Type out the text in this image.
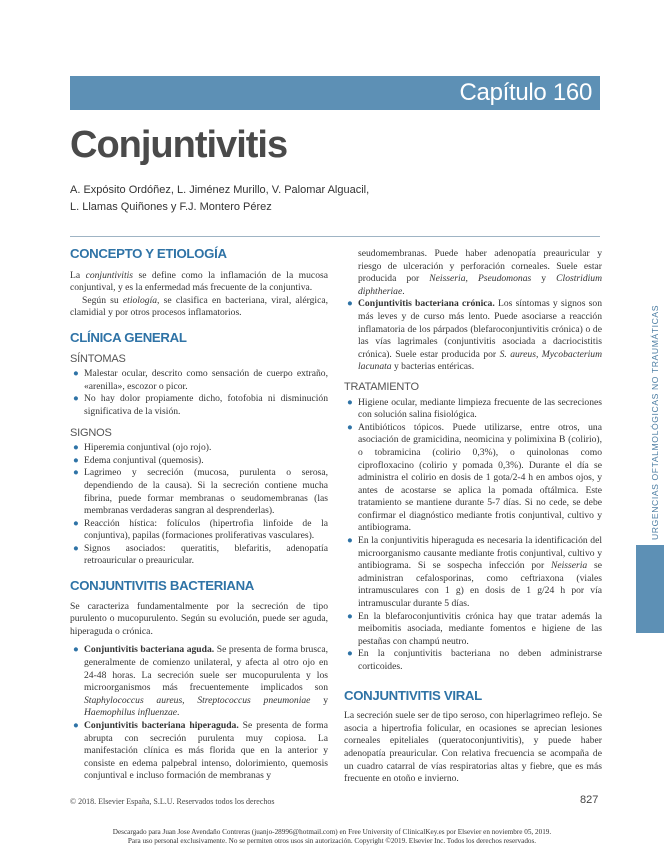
Capítulo 160
Conjuntivitis
A. Expósito Ordóñez, L. Jiménez Murillo, V. Palomar Alguacil,
L. Llamas Quiñones y F.J. Montero Pérez
CONCEPTO Y ETIOLOGÍA

La conjuntivitis se define como la inflamación de la mucosa conjuntival, y es la enfermedad más frecuente de la conjuntiva.

Según su etiología, se clasifica en bacteriana, viral, alérgica, clamidial y por otros procesos inflamatorios.

CLÍNICA GENERAL
SÍNTOMAS
● Malestar ocular, descrito como sensación de cuerpo extraño, «arenilla», escozor o picor.
● No hay dolor propiamente dicho, fotofobia ni disminución significativa de la visión.
SIGNOS
● Hiperemia conjuntival (ojo rojo).
● Edema conjuntival (quemosis).
● Lagrimeo y secreción (mucosa, purulenta o serosa, dependiendo de la causa). Si la secreción contiene mucha fibrina, puede formar membranas o seudomembranas (las membranas verdaderas sangran al desprenderlas).
● Reacción hística: folículos (hipertrofia linfoide de la conjuntiva), papilas (formaciones proliferativas vasculares).
● Signos asociados: queratitis, blefaritis, adenopatía retroauricular o preauricular.
CONJUNTIVITIS BACTERIANA

Se caracteriza fundamentalmente por la secreción de tipo purulento o mucopurulento. Según su evolución, puede ser aguda, hiperaguda o crónica.

● Conjuntivitis bacteriana aguda. Se presenta de forma brusca, generalmente de comienzo unilateral, y afecta al otro ojo en 24-48 horas. La secreción suele ser mucopurulenta y los microorganismos más frecuentemente implicados son Staphylococcus aureus, Streptococcus pneumoniae y Haemophilus influenzae.
● Conjuntivitis bacteriana hiperaguda. Se presenta de forma abrupta con secreción purulenta muy copiosa. La manifestación clínica es más florida que en la anterior y consiste en edema palpebral intenso, dolorimiento, quemosis conjuntival e incluso formación de membranas y

seudomembranas. Puede haber adenopatía preauricular y riesgo de ulceración y perforación corneales. Suele estar producida por Neisseria, Pseudomonas y Clostridium diphtheriae.

● Conjuntivitis bacteriana crónica. Los síntomas y signos son más leves y de curso más lento. Puede asociarse a reacción inflamatoria de los párpados (blefaroconjuntivitis crónica) o de las vías lagrimales (conjuntivitis asociada a dacriocistitis crónica). Suele estar producida por S. aureus, Mycobacterium lacunata y bacterias entéricas.
TRATAMIENTO
● Higiene ocular, mediante limpieza frecuente de las secreciones con solución salina fisiológica.
● Antibióticos tópicos. Puede utilizarse, entre otros, una asociación de gramicidina, neomicina y polimixina B (colirio), o tobramicina (colirio 0,3%), o quinolonas como ciprofloxacino (colirio y pomada 0,3%). Durante el día se administra el colirio en dosis de 1 gota/2-4 h en ambos ojos, y antes de acostarse se aplica la pomada oftálmica. Este tratamiento se mantiene durante 5-7 días. Si no cede, se debe confirmar el diagnóstico mediante frotis conjuntival, cultivo y antibiograma.
● En la conjuntivitis hiperaguda es necesaria la identificación del microorganismo causante mediante frotis conjuntival, cultivo y antibiograma. Si se sospecha infección por Neisseria se administran cefalosporinas, como ceftriaxona (viales intramusculares con 1 g) en dosis de 1 g/24 h por vía intramuscular durante 5 días.
● En la blefaroconjuntivitis crónica hay que tratar además la meibomitis asociada, mediante fomentos e higiene de las pestañas con champú neutro.
● En la conjuntivitis bacteriana no deben administrarse corticoides.
CONJUNTIVITIS VIRAL

La secreción suele ser de tipo seroso, con hiperlagrimeo reflejo. Se asocia a hipertrofia folicular, en ocasiones se aprecian lesiones corneales epiteliales (queratoconjuntivitis), y puede haber adenopatía preauricular. Con relativa frecuencia se acompaña de un cuadro catarral de vías respiratorias altas y fiebre, que es más frecuente en otoño e invierno.

URGENCIAS OFTALMOLÓGICAS NO TRAUMÁTICAS
© 2018. Elsevier España, S.L.U. Reservados todos los derechos	827
Descargado para Juan Jose Avendaño Contreras (juanjo-28996@hotmail.com) en Free University of ClinicalKey.es por Elsevier en noviembre 05, 2019.
Para uso personal exclusivamente. No se permiten otros usos sin autorización. Copyright ©2019. Elsevier Inc. Todos los derechos reservados.
